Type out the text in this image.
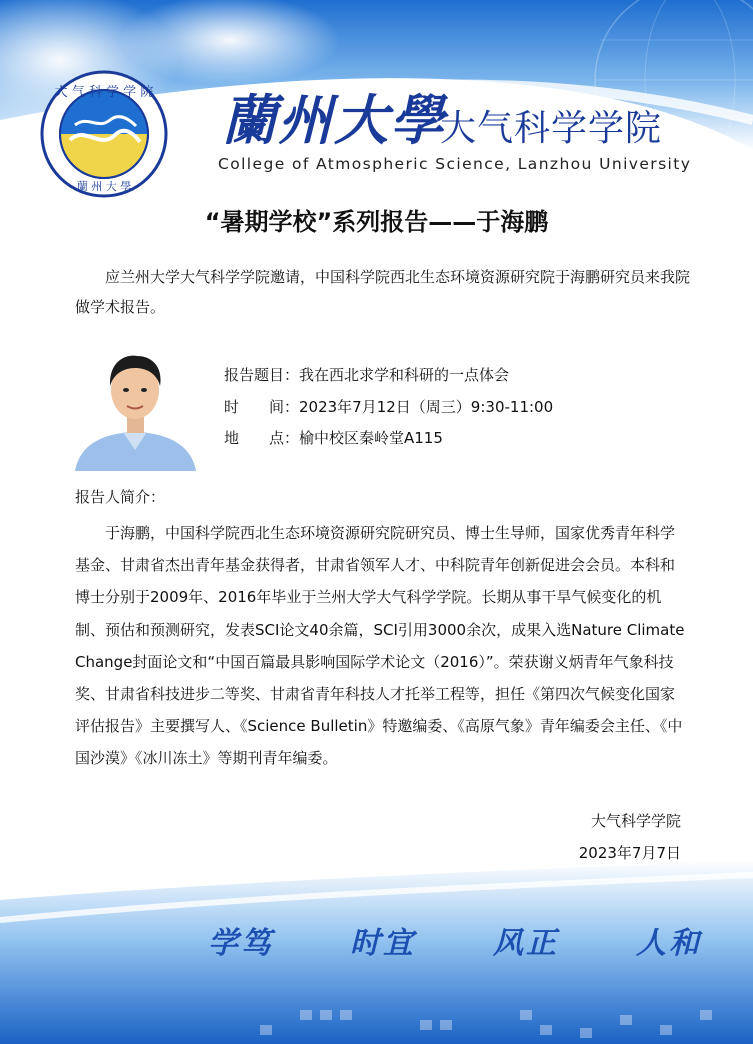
大 气 科 学 学 院
蘭 州 大 學
蘭州大學
大气科学学院
College of Atmospheric Science, Lanzhou University
“暑期学校”系列报告——于海鹏
应兰州大学大气科学学院邀请，中国科学院西北生态环境资源研究院于海鹏研究员来我院做学术报告。
报告题目：我在西北求学和科研的一点体会
时　　间：2023年7月12日（周三）9:30-11:00
地　　点：榆中校区秦岭堂A115
报告人简介：
于海鹏，中国科学院西北生态环境资源研究院研究员、博士生导师，国家优秀青年科学基金、甘肃省杰出青年基金获得者，甘肃省领军人才、中科院青年创新促进会会员。本科和博士分别于2009年、2016年毕业于兰州大学大气科学学院。长期从事干旱气候变化的机制、预估和预测研究，发表SCI论文40余篇，SCI引用3000余次，成果入选Nature Climate Change封面论文和“中国百篇最具影响国际学术论文（2016）”。荣获谢义炳青年气象科技奖、甘肃省科技进步二等奖、甘肃省青年科技人才托举工程等，担任《第四次气候变化国家评估报告》主要撰写人、《Science Bulletin》特邀编委、《高原气象》青年编委会主任、《中国沙漠》《冰川冻土》等期刊青年编委。
大气科学学院
2023年7月7日
学笃	时宜	风正	人和
